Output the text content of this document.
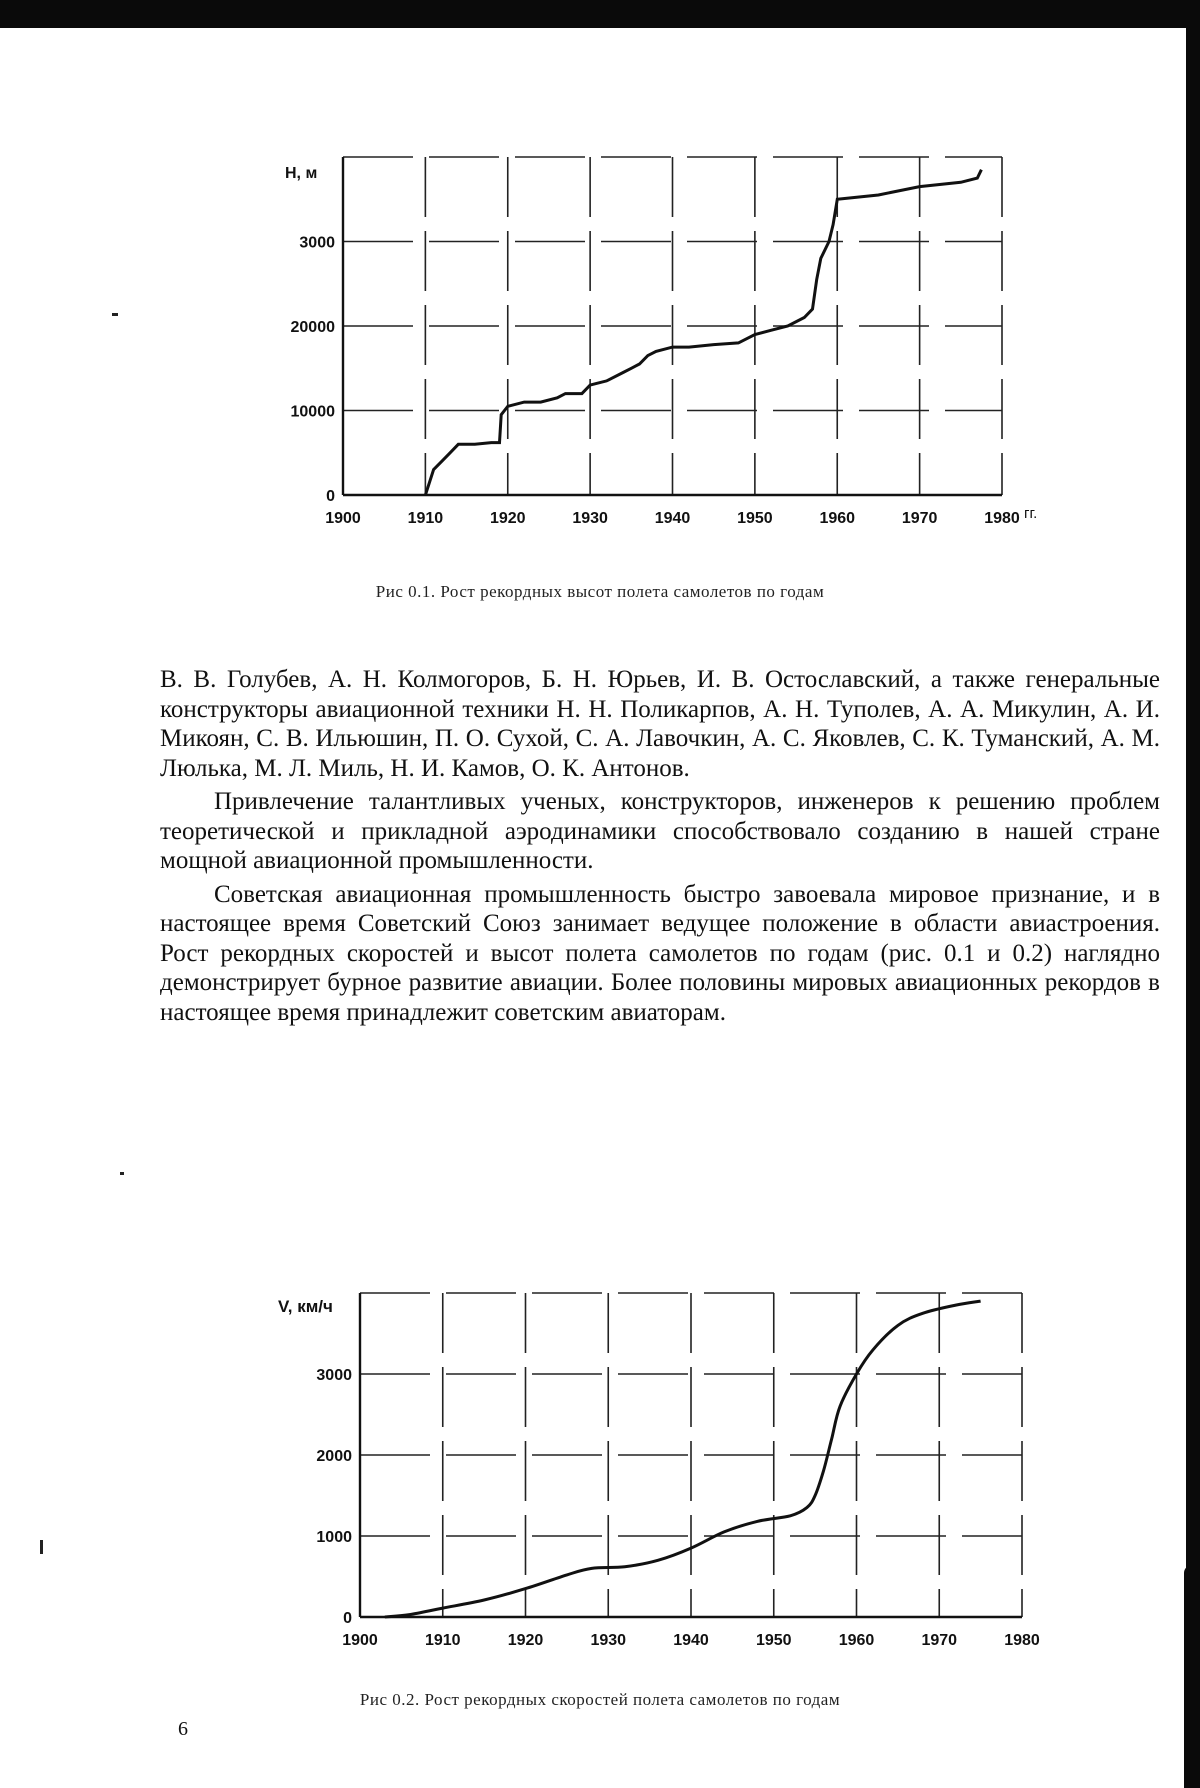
1900	1910	1920	1930	1940	1950	1960	1970	1980
0
10000
20000
3000
Н, м
гг.
Рис 0.1. Рост рекордных высот полета самолетов по годам

В. В. Голубев, А. Н. Колмогоров, Б. Н. Юрьев, И. В. Остославский, а также генеральные конструкторы авиационной техники Н. Н. Поликарпов, А. Н. Туполев, А. А. Микулин, А. И. Микоян, С. В. Ильюшин, П. О. Сухой, С. А. Лавочкин, А. С. Яковлев, С. К. Туманский, А. М. Люлька, М. Л. Миль, Н. И. Камов, О. К. Антонов.

Привлечение талантливых ученых, конструкторов, инженеров к решению проблем теоретической и прикладной аэродинамики способствовало созданию в нашей стране мощной авиационной промышленности.

Советская авиационная промышленность быстро завоевала мировое признание, и в настоящее время Советский Союз занимает ведущее положение в области авиастроения. Рост рекордных скоростей и высот полета самолетов по годам (рис. 0.1 и 0.2) наглядно демонстрирует бурное развитие авиации. Более половины мировых авиационных рекордов в настоящее время принадлежит советским авиаторам.

1900	1910	1920	1930	1940	1950	1960	1970	1980
0
1000
2000
3000
V, км/ч
Рис 0.2. Рост рекордных скоростей полета самолетов по годам
6
